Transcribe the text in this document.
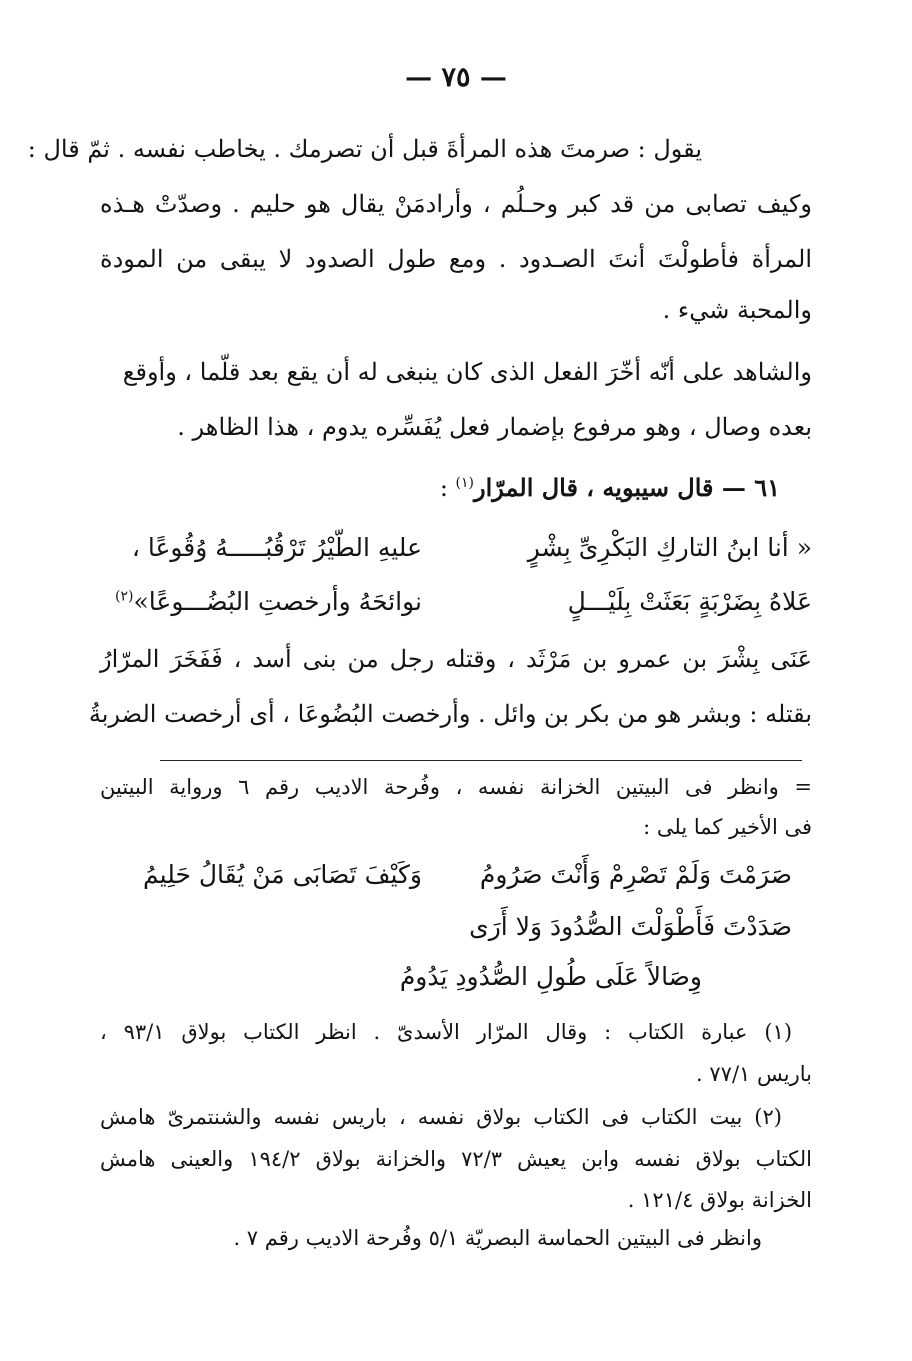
— ٧٥ —
يقول : صرمتَ هذه المرأةَ قبل أن تصرمك . يخاطب نفسه . ثمّ قال :
وكيف تصابى من قد كبر وحـلُم ، وأرادمَنْ يقال هو حليم . وصدّتْ هـذه
المرأة فأطولْتَ أنتَ الصـدود . ومع طول الصدود لا يبقى من المودة
والمحبة شيء .
والشاهد على أنّه أخّرَ الفعل الذى كان ينبغى له أن يقع بعد قلّما ، وأوقع
بعده وصال ، وهو مرفوع بإضمار فعل يُفَسِّره يدوم ، هذا الظاهر .
٦١ — قال سيبويه ، قال المرّار$^{(١)}$ :
« أنا ابنُ التاركِ البَكْرِىِّ بِشْرٍ
عليهِ الطّيْرُ تَرْقُبُـــــهُ وُقُوعًا ،
عَلاهُ بِضَرْبَةٍ بَعَثَتْ بِلَيْـــلٍ
نوائحَهُ وأرخصتِ البُضُـــوعًا»$^{(٢)}$
عَنَى بِشْرَ بن عمرو بن مَرْثَد ، وقتله رجل من بنى أسد ، فَفَخَرَ المرّارُ
بقتله : وبشر هو من بكر بن وائل . وأرخصت البُضُوعَا ، أى أرخصت الضربةُ
= وانظر فى البيتين الخزانة نفسه ، وفُرحة الاديب رقم ٦ ورواية البيتين
فى الأخير كما يلى :
صَرَمْتَ وَلَمْ تَصْرِمْ وَأَنْتَ صَرُومُ
وَكَيْفَ تَصَابَى مَنْ يُقَالُ حَلِيمُ
صَدَدْتَ فَأَطْوَلْتَ الصُّدُودَ وَلا أَرَى
وِصَالاً عَلَى طُولِ الصُّدُودِ يَدُومُ
(١) عبارة الكتاب : وقال المرّار الأسدىّ . انظر الكتاب بولاق ٩٣/١ ،
باريس ٧٧/١ .
(٢) بيت الكتاب فى الكتاب بولاق نفسه ، باريس نفسه والشنتمرىّ هامش
الكتاب بولاق نفسه وابن يعيش ٧٢/٣ والخزانة بولاق ١٩٤/٢ والعينى هامش
الخزانة بولاق ١٢١/٤ .
وانظر فى البيتين الحماسة البصريّة ٥/١ وفُرحة الاديب رقم ٧ .
